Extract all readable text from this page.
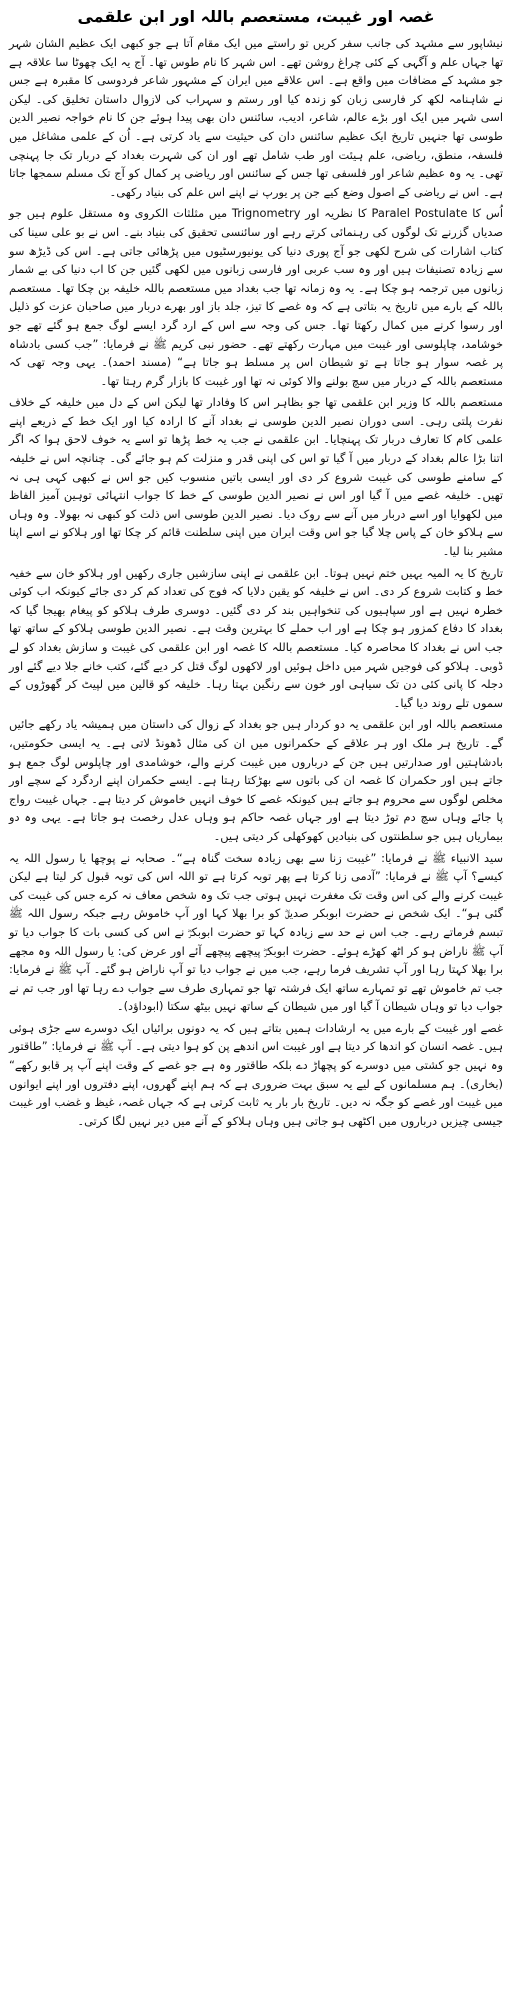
غصہ اور غیبت، مستعصم باللہ اور ابن علقمی

نیشاپور سے مشہد کی جانب سفر کریں تو راستے میں ایک مقام آتا ہے جو کبھی ایک عظیم الشان شہر تھا جہاں علم و آگہی کے کئی چراغ روشن تھے۔ اس شہر کا نام طوس تھا۔ آج یہ ایک چھوٹا سا علاقہ ہے جو مشہد کے مضافات میں واقع ہے۔ اس علاقے میں ایران کے مشہور شاعر فردوسی کا مقبرہ ہے جس نے شاہنامہ لکھ کر فارسی زبان کو زندہ کیا اور رستم و سہراب کی لازوال داستان تخلیق کی۔ لیکن اسی شہر میں ایک اور بڑے عالم، شاعر، ادیب، سائنس دان بھی پیدا ہوئے جن کا نام خواجہ نصیر الدین طوسی تھا جنہیں تاریخ ایک عظیم سائنس دان کی حیثیت سے یاد کرتی ہے۔ اُن کے علمی مشاغل میں فلسفہ، منطق، ریاضی، علم ہیئت اور طب شامل تھے اور ان کی شہرت بغداد کے دربار تک جا پہنچی تھی۔ یہ وہ عظیم شاعر اور فلسفی تھا جس کے سائنس اور ریاضی پر کمال کو آج تک مسلم سمجھا جاتا ہے۔ اس نے ریاضی کے اصول وضع کیے جن پر یورپ نے اپنے اس علم کی بنیاد رکھی۔

اُس کا Paralel Postulate کا نظریہ اور Trignometry میں مثلثات الکروی وہ مستقل علوم ہیں جو صدیاں گزرنے تک لوگوں کی رہنمائی کرتے رہے اور سائنسی تحقیق کی بنیاد بنے۔ اس نے بو علی سینا کی کتاب اشارات کی شرح لکھی جو آج پوری دنیا کی یونیورسٹیوں میں پڑھائی جاتی ہے۔ اس کی ڈیڑھ سو سے زیادہ تصنیفات ہیں اور وہ سب عربی اور فارسی زبانوں میں لکھی گئیں جن کا اب دنیا کی بے شمار زبانوں میں ترجمہ ہو چکا ہے۔ یہ وہ زمانہ تھا جب بغداد میں مستعصم باللہ خلیفہ بن چکا تھا۔ مستعصم باللہ کے بارے میں تاریخ یہ بتاتی ہے کہ وہ غصے کا تیز، جلد باز اور بھرے دربار میں صاحبان عزت کو ذلیل اور رسوا کرنے میں کمال رکھتا تھا۔ جس کی وجہ سے اس کے ارد گرد ایسے لوگ جمع ہو گئے تھے جو خوشامد، چاپلوسی اور غیبت میں مہارت رکھتے تھے۔ حضور نبی کریم ﷺ نے فرمایا: ”جب کسی بادشاہ پر غصہ سوار ہو جاتا ہے تو شیطان اس پر مسلط ہو جاتا ہے“ (مسند احمد)۔ یہی وجہ تھی کہ مستعصم باللہ کے دربار میں سچ بولنے والا کوئی نہ تھا اور غیبت کا بازار گرم رہتا تھا۔

مستعصم باللہ کا وزیر ابن علقمی تھا جو بظاہر اس کا وفادار تھا لیکن اس کے دل میں خلیفہ کے خلاف نفرت پلتی رہی۔ اسی دوران نصیر الدین طوسی نے بغداد آنے کا ارادہ کیا اور ایک خط کے ذریعے اپنے علمی کام کا تعارف دربار تک پہنچایا۔ ابن علقمی نے جب یہ خط پڑھا تو اسے یہ خوف لاحق ہوا کہ اگر اتنا بڑا عالم بغداد کے دربار میں آ گیا تو اس کی اپنی قدر و منزلت کم ہو جائے گی۔ چنانچہ اس نے خلیفہ کے سامنے طوسی کی غیبت شروع کر دی اور ایسی باتیں منسوب کیں جو اس نے کبھی کہی ہی نہ تھیں۔ خلیفہ غصے میں آ گیا اور اس نے نصیر الدین طوسی کے خط کا جواب انتہائی توہین آمیز الفاظ میں لکھوایا اور اسے دربار میں آنے سے روک دیا۔ نصیر الدین طوسی اس ذلت کو کبھی نہ بھولا۔ وہ وہاں سے ہلاکو خان کے پاس چلا گیا جو اس وقت ایران میں اپنی سلطنت قائم کر چکا تھا اور ہلاکو نے اسے اپنا مشیر بنا لیا۔

تاریخ کا یہ المیہ یہیں ختم نہیں ہوتا۔ ابن علقمی نے اپنی سازشیں جاری رکھیں اور ہلاکو خان سے خفیہ خط و کتابت شروع کر دی۔ اس نے خلیفہ کو یقین دلایا کہ فوج کی تعداد کم کر دی جائے کیونکہ اب کوئی خطرہ نہیں ہے اور سپاہیوں کی تنخواہیں بند کر دی گئیں۔ دوسری طرف ہلاکو کو پیغام بھیجا گیا کہ بغداد کا دفاع کمزور ہو چکا ہے اور اب حملے کا بہترین وقت ہے۔ نصیر الدین طوسی ہلاکو کے ساتھ تھا جب اس نے بغداد کا محاصرہ کیا۔ مستعصم باللہ کا غصہ اور ابن علقمی کی غیبت و سازش بغداد کو لے ڈوبی۔ ہلاکو کی فوجیں شہر میں داخل ہوئیں اور لاکھوں لوگ قتل کر دیے گئے، کتب خانے جلا دیے گئے اور دجلہ کا پانی کئی دن تک سیاہی اور خون سے رنگین بہتا رہا۔ خلیفہ کو قالین میں لپیٹ کر گھوڑوں کے سموں تلے روند دیا گیا۔

مستعصم باللہ اور ابن علقمی یہ دو کردار ہیں جو بغداد کے زوال کی داستان میں ہمیشہ یاد رکھے جائیں گے۔ تاریخ ہر ملک اور ہر علاقے کے حکمرانوں میں ان کی مثال ڈھونڈ لاتی ہے۔ یہ ایسی حکومتیں، بادشاہتیں اور صدارتیں ہیں جن کے درباروں میں غیبت کرنے والے، خوشامدی اور چاپلوس لوگ جمع ہو جاتے ہیں اور حکمران کا غصہ ان کی باتوں سے بھڑکتا رہتا ہے۔ ایسے حکمران اپنے اردگرد کے سچے اور مخلص لوگوں سے محروم ہو جاتے ہیں کیونکہ غصے کا خوف انہیں خاموش کر دیتا ہے۔ جہاں غیبت رواج پا جائے وہاں سچ دم توڑ دیتا ہے اور جہاں غصہ حاکم ہو وہاں عدل رخصت ہو جاتا ہے۔ یہی وہ دو بیماریاں ہیں جو سلطنتوں کی بنیادیں کھوکھلی کر دیتی ہیں۔

سید الانبیاء ﷺ نے فرمایا: ”غیبت زنا سے بھی زیادہ سخت گناہ ہے“۔ صحابہ نے پوچھا یا رسول اللہ یہ کیسے؟ آپ ﷺ نے فرمایا: ”آدمی زنا کرتا ہے پھر توبہ کرتا ہے تو اللہ اس کی توبہ قبول کر لیتا ہے لیکن غیبت کرنے والے کی اس وقت تک مغفرت نہیں ہوتی جب تک وہ شخص معاف نہ کرے جس کی غیبت کی گئی ہو“۔ ایک شخص نے حضرت ابوبکر صدیقؓ کو برا بھلا کہا اور آپ خاموش رہے جبکہ رسول اللہ ﷺ تبسم فرماتے رہے۔ جب اس نے حد سے زیادہ کہا تو حضرت ابوبکرؓ نے اس کی کسی بات کا جواب دیا تو آپ ﷺ ناراض ہو کر اٹھ کھڑے ہوئے۔ حضرت ابوبکرؓ پیچھے پیچھے آئے اور عرض کی: یا رسول اللہ وہ مجھے برا بھلا کہتا رہا اور آپ تشریف فرما رہے، جب میں نے جواب دیا تو آپ ناراض ہو گئے۔ آپ ﷺ نے فرمایا: جب تم خاموش تھے تو تمہارے ساتھ ایک فرشتہ تھا جو تمہاری طرف سے جواب دے رہا تھا اور جب تم نے جواب دیا تو وہاں شیطان آ گیا اور میں شیطان کے ساتھ نہیں بیٹھ سکتا (ابوداؤد)۔

غصے اور غیبت کے بارے میں یہ ارشادات ہمیں بتاتے ہیں کہ یہ دونوں برائیاں ایک دوسرے سے جڑی ہوئی ہیں۔ غصہ انسان کو اندھا کر دیتا ہے اور غیبت اس اندھے پن کو ہوا دیتی ہے۔ آپ ﷺ نے فرمایا: ”طاقتور وہ نہیں جو کشتی میں دوسرے کو پچھاڑ دے بلکہ طاقتور وہ ہے جو غصے کے وقت اپنے آپ پر قابو رکھے“ (بخاری)۔ ہم مسلمانوں کے لیے یہ سبق بہت ضروری ہے کہ ہم اپنے گھروں، اپنے دفتروں اور اپنے ایوانوں میں غیبت اور غصے کو جگہ نہ دیں۔ تاریخ بار بار یہ ثابت کرتی ہے کہ جہاں غصہ، غیظ و غضب اور غیبت جیسی چیزیں درباروں میں اکٹھی ہو جاتی ہیں وہاں ہلاکو کے آنے میں دیر نہیں لگا کرتی۔
